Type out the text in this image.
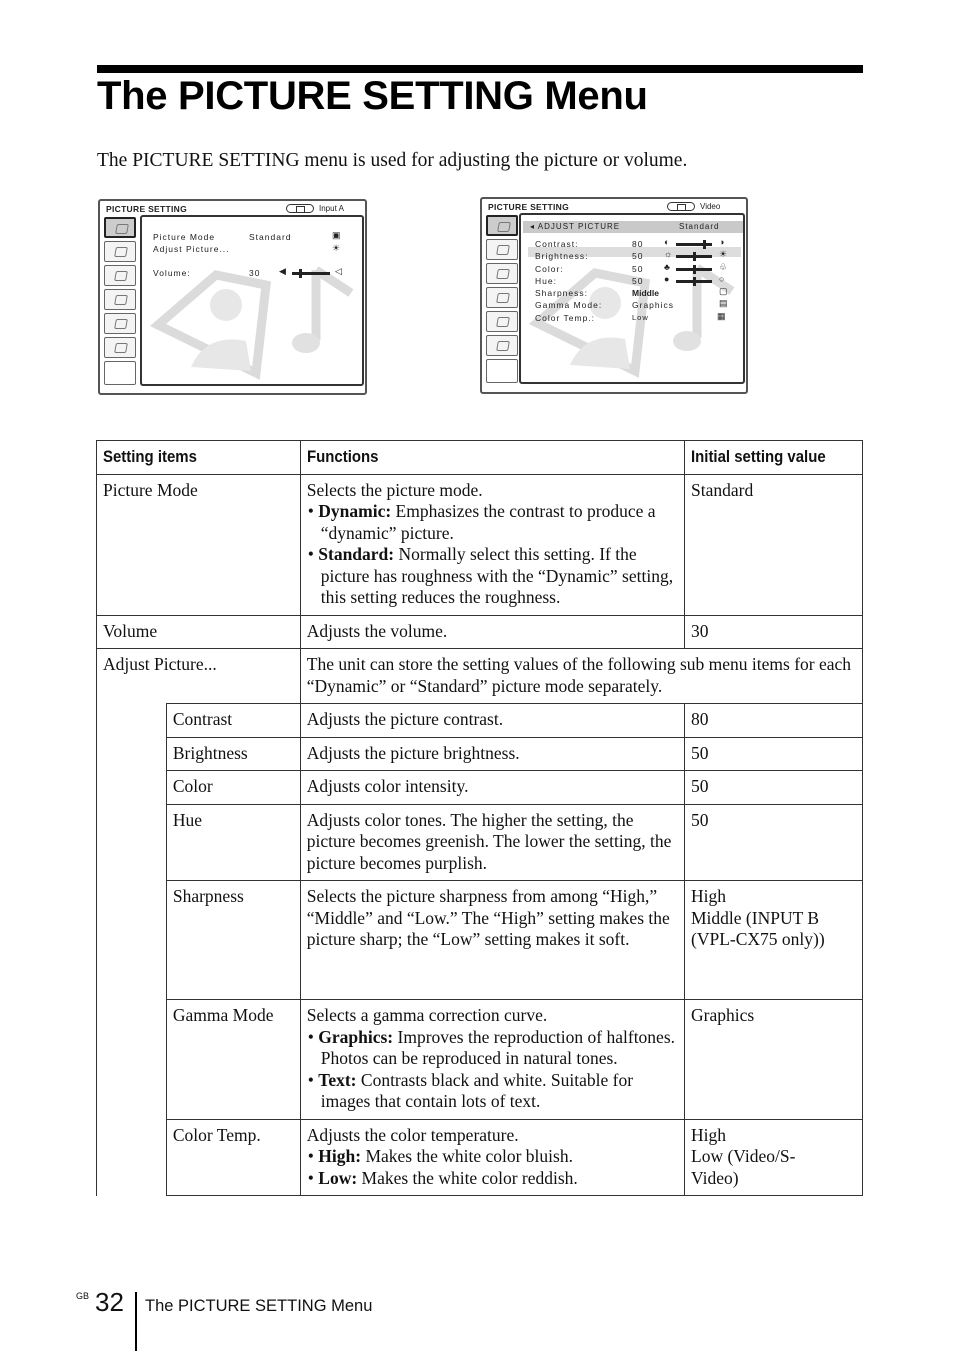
The PICTURE SETTING Menu

The PICTURE SETTING menu is used for adjusting the picture or volume.

PICTURE SETTING	Input A
Picture Mode	Standard	▣
Adjust Picture...	☀
Volume:	30 ◀	◁
PICTURE SETTING	Video
◂ ADJUST PICTURE	Standard
Contrast:	80 ◐	◑
Brightness:	50 ☼	☀
Color:	50 ♣	♧
Hue:	50 ●	○
Sharpness:	Middle	▢
Gamma Mode:	Graphics	▤
Color Temp.:	Low	▦
Setting items		Functions	Initial setting value
Picture Mode		Selects the picture mode.
• Dynamic: Emphasizes the contrast to produce a “dynamic” picture.
• Standard: Normally select this setting. If the picture has roughness with the “Dynamic” setting, this setting reduces the roughness.	Standard
Volume		Adjusts the volume.	30
Adjust Picture...		The unit can store the setting values of the following sub menu items for each “Dynamic” or “Standard” picture mode separately.	
	Contrast	Adjusts the picture contrast.	80
	Brightness	Adjusts the picture brightness.	50
	Color	Adjusts color intensity.	50
	Hue	Adjusts color tones. The higher the setting, the picture becomes greenish. The lower the setting, the picture becomes purplish.	50
	Sharpness	Selects the picture sharpness from among “High,” “Middle” and “Low.” The “High” setting makes the picture sharp; the “Low” setting makes it soft.	High
Middle (INPUT B (VPL-CX75 only))

	Gamma Mode	Selects a gamma correction curve.
• Graphics: Improves the reproduction of halftones. Photos can be reproduced in natural tones.
• Text: Contrasts black and white. Suitable for images that contain lots of text.	Graphics
	Color Temp.	Adjusts the color temperature.
• High: Makes the white color bluish.
• Low: Makes the white color reddish.	High
Low (Video/S-Video)
GB 32 The PICTURE SETTING Menu
